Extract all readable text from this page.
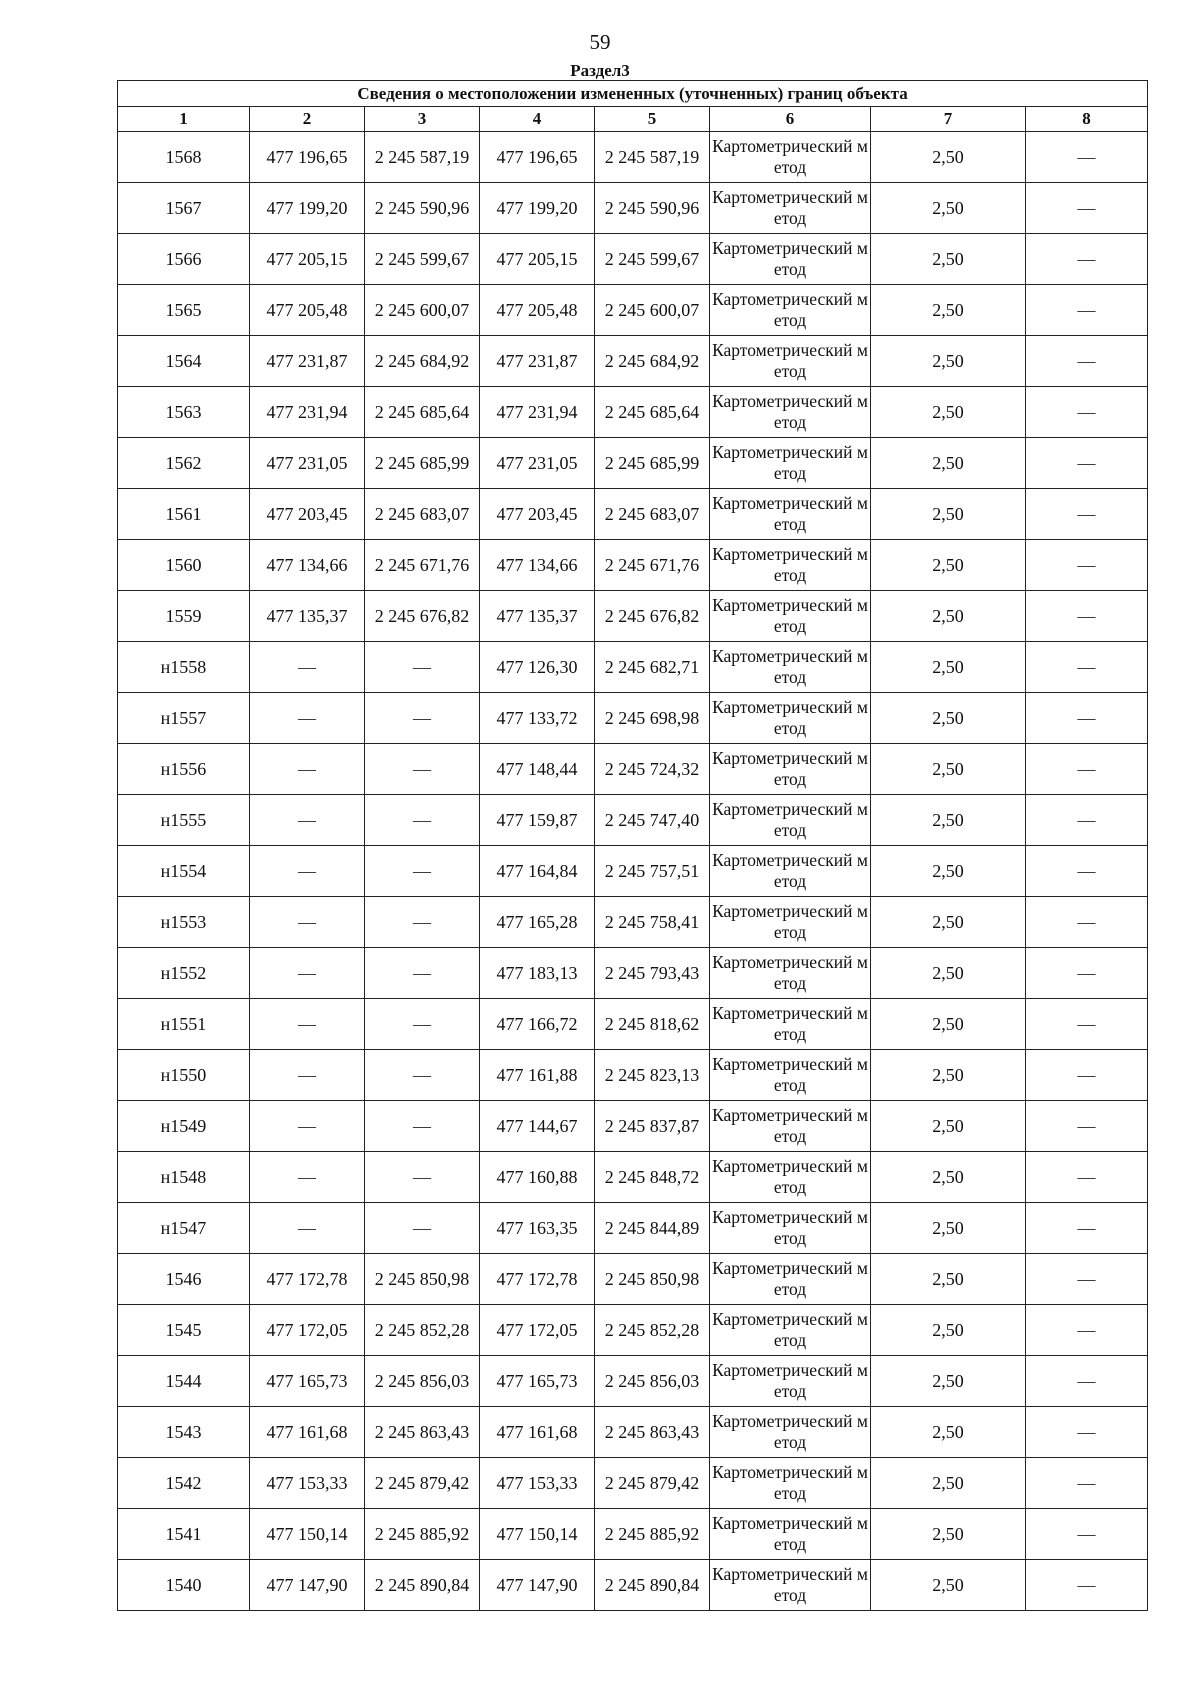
59
Раздел3
Сведения о местоположении измененных (уточненных) границ объекта							
1	2	3	4	5	6	7	8
1568	477 196,65	2 245 587,19	477 196,65	2 245 587,19	Картометрический метод	2,50	—
1567	477 199,20	2 245 590,96	477 199,20	2 245 590,96	Картометрический метод	2,50	—
1566	477 205,15	2 245 599,67	477 205,15	2 245 599,67	Картометрический метод	2,50	—
1565	477 205,48	2 245 600,07	477 205,48	2 245 600,07	Картометрический метод	2,50	—
1564	477 231,87	2 245 684,92	477 231,87	2 245 684,92	Картометрический метод	2,50	—
1563	477 231,94	2 245 685,64	477 231,94	2 245 685,64	Картометрический метод	2,50	—
1562	477 231,05	2 245 685,99	477 231,05	2 245 685,99	Картометрический метод	2,50	—
1561	477 203,45	2 245 683,07	477 203,45	2 245 683,07	Картометрический метод	2,50	—
1560	477 134,66	2 245 671,76	477 134,66	2 245 671,76	Картометрический метод	2,50	—
1559	477 135,37	2 245 676,82	477 135,37	2 245 676,82	Картометрический метод	2,50	—
н1558	—	—	477 126,30	2 245 682,71	Картометрический метод	2,50	—
н1557	—	—	477 133,72	2 245 698,98	Картометрический метод	2,50	—
н1556	—	—	477 148,44	2 245 724,32	Картометрический метод	2,50	—
н1555	—	—	477 159,87	2 245 747,40	Картометрический метод	2,50	—
н1554	—	—	477 164,84	2 245 757,51	Картометрический метод	2,50	—
н1553	—	—	477 165,28	2 245 758,41	Картометрический метод	2,50	—
н1552	—	—	477 183,13	2 245 793,43	Картометрический метод	2,50	—
н1551	—	—	477 166,72	2 245 818,62	Картометрический метод	2,50	—
н1550	—	—	477 161,88	2 245 823,13	Картометрический метод	2,50	—
н1549	—	—	477 144,67	2 245 837,87	Картометрический метод	2,50	—
н1548	—	—	477 160,88	2 245 848,72	Картометрический метод	2,50	—
н1547	—	—	477 163,35	2 245 844,89	Картометрический метод	2,50	—
1546	477 172,78	2 245 850,98	477 172,78	2 245 850,98	Картометрический метод	2,50	—
1545	477 172,05	2 245 852,28	477 172,05	2 245 852,28	Картометрический метод	2,50	—
1544	477 165,73	2 245 856,03	477 165,73	2 245 856,03	Картометрический метод	2,50	—
1543	477 161,68	2 245 863,43	477 161,68	2 245 863,43	Картометрический метод	2,50	—
1542	477 153,33	2 245 879,42	477 153,33	2 245 879,42	Картометрический метод	2,50	—
1541	477 150,14	2 245 885,92	477 150,14	2 245 885,92	Картометрический метод	2,50	—
1540	477 147,90	2 245 890,84	477 147,90	2 245 890,84	Картометрический метод	2,50	—
